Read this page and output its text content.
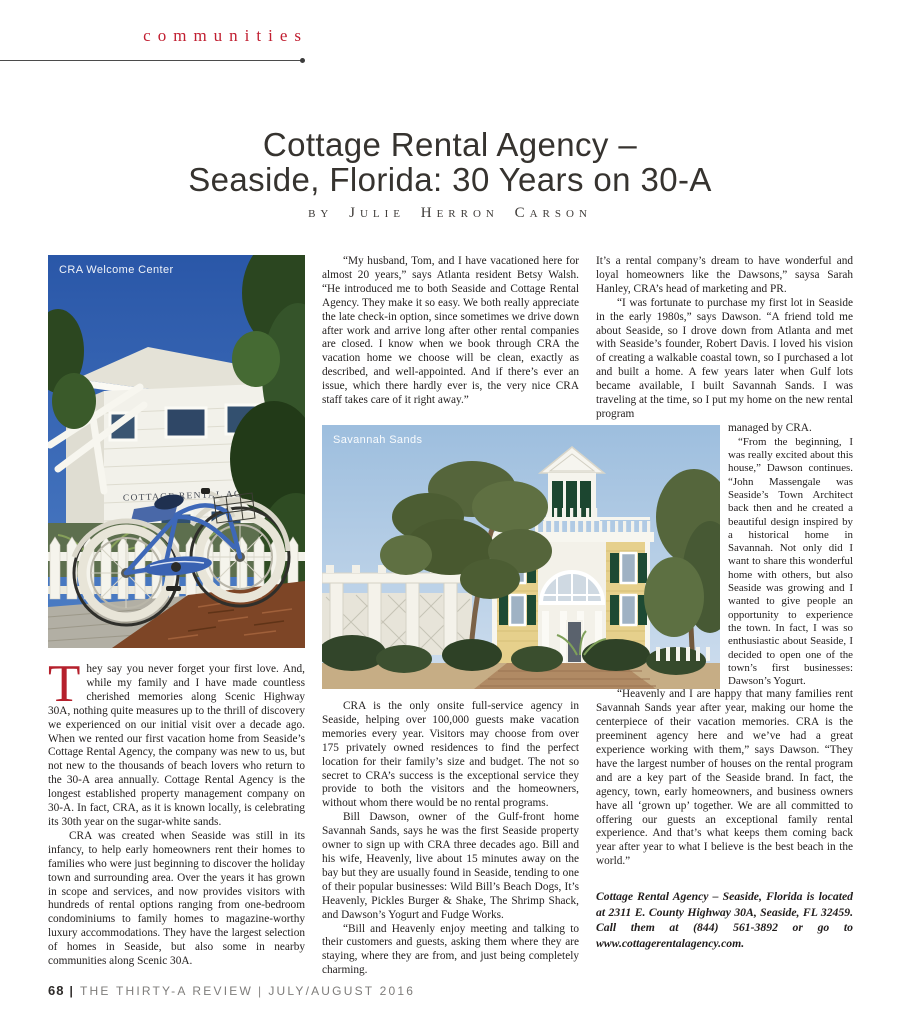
communities
Cottage Rental Agency –
Seaside, Florida: 30 Years on 30-A
by Julie Herron Carson
COTTAGE RENTAL AGENCY
CRA Welcome Center
Savannah Sands

They say you never forget your first love. And, while my family and I have made countless cherished memories along Scenic Highway 30A, nothing quite measures up to the thrill of discovery we experienced on our initial visit over a decade ago. When we rented our first vacation home from Seaside’s Cottage Rental Agency, the company was new to us, but not new to the thousands of beach lovers who return to the 30-A area annually. Cottage Rental Agency is the longest established property management company on 30-A. In fact, CRA, as it is known locally, is celebrating its 30th year on the sugar-white sands.

CRA was created when Seaside was still in its infancy, to help early homeowners rent their homes to families who were just beginning to discover the holiday town and surrounding area. Over the years it has grown in scope and services, and now provides visitors with hundreds of rental options ranging from one-bedroom condominiums to family homes to magazine-worthy luxury accommodations. They have the largest selection of homes in Seaside, but also some in nearby communities along Scenic 30A.

“My husband, Tom, and I have vacationed here for almost 20 years,” says Atlanta resident Betsy Walsh. “He introduced me to both Seaside and Cottage Rental Agency. They make it so easy. We both really appreciate the late check-in option, since sometimes we drive down after work and arrive long after other rental companies are closed. I know when we book through CRA the vacation home we choose will be clean, exactly as described, and well-appointed. And if there’s ever an issue, which there hardly ever is, the very nice CRA staff takes care of it right away.”

CRA is the only onsite full-service agency in Seaside, helping over 100,000 guests make vacation memories every year. Visitors may choose from over 175 privately owned residences to find the perfect location for their family’s size and budget. The not so secret to CRA’s success is the exceptional service they provide to both the visitors and the homeowners, without whom there would be no rental programs.

Bill Dawson, owner of the Gulf-front home Savannah Sands, says he was the first Seaside property owner to sign up with CRA three decades ago. Bill and his wife, Heavenly, live about 15 minutes away on the bay but they are usually found in Seaside, tending to one of their popular businesses: Wild Bill’s Beach Dogs, It’s Heavenly, Pickles Burger & Shake, The Shrimp Shack, and Dawson’s Yogurt and Fudge Works.

“Bill and Heavenly enjoy meeting and talking to their customers and guests, asking them where they are staying, where they are from, and just being completely charming.

It’s a rental company’s dream to have wonderful and loyal homeowners like the Dawsons,” saysa Sarah Hanley, CRA’s head of marketing and PR.

“I was fortunate to purchase my first lot in Seaside in the early 1980s,” says Dawson. “A friend told me about Seaside, so I drove down from Atlanta and met with Seaside’s founder, Robert Davis. I loved his vision of creating a walkable coastal town, so I purchased a lot and built a home. A few years later when Gulf lots became available, I built Savannah Sands. I was traveling at the time, so I put my home on the new rental program

managed by CRA.

“From the beginning, I was really excited about this house,” Dawson continues. “John Massengale was Seaside’s Town Architect back then and he created a beautiful design inspired by a historical home in Savannah. Not only did I want to share this wonderful home with others, but also Seaside was growing and I wanted to give people an opportunity to experience the town. In fact, I was so enthusiastic about Seaside, I decided to open one of the town’s first businesses: Dawson’s Yogurt.

“Heavenly and I are happy that many families rent Savannah Sands year after year, making our home the centerpiece of their vacation memories. CRA is the preeminent agency here and we’ve had a great experience working with them,” says Dawson. “They have the largest number of houses on the rental program and are a key part of the Seaside brand. In fact, the agency, town, early homeowners, and business owners have all ‘grown up’ together. We are all committed to offering our guests an exceptional family rental experience. And that’s what keeps them coming back year after year to what I believe is the best beach in the world.”

Cottage Rental Agency – Seaside, Florida is located at 2311 E. County Highway 30A, Seaside, FL 32459. Call them at (844) 561-3892 or go to www.cottagerentalagency.com.

68 | THE THIRTY-A REVIEW | JULY/AUGUST 2016
